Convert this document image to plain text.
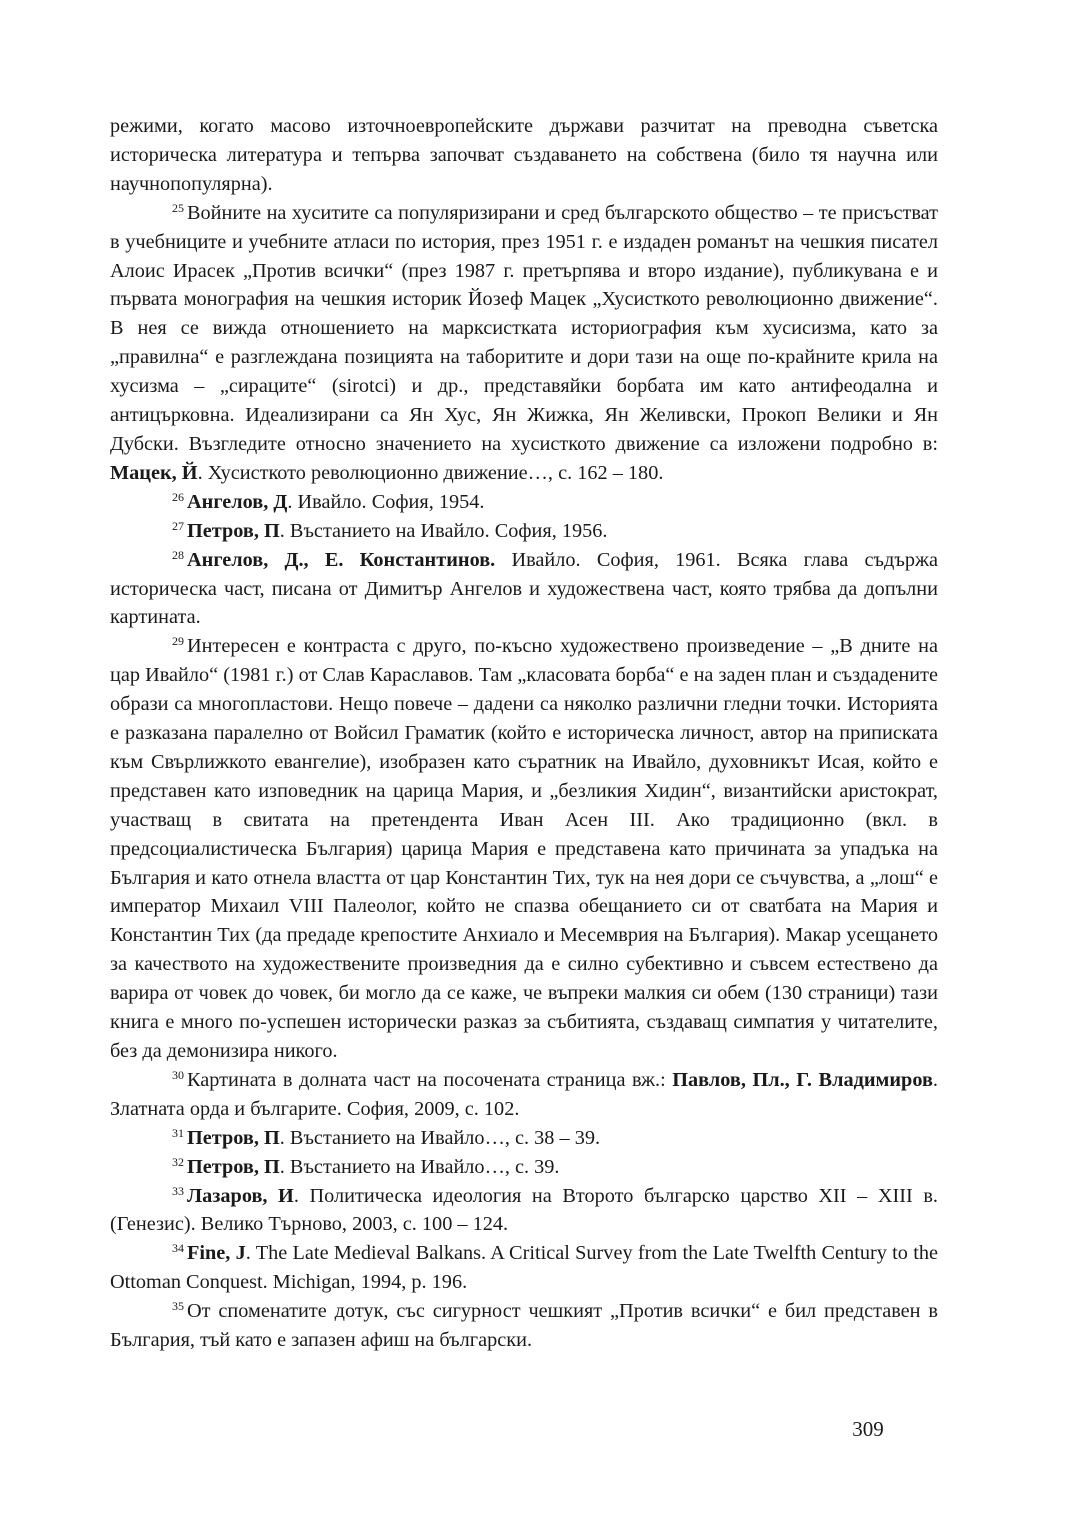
режими, когато масово източноевропейските държави разчитат на преводна съветска историческа литература и тепърва започват създаването на собствена (било тя научна или научнопопулярна).

$^{25}$ Войните на хуситите са популяризирани и сред българското общество – те присъстват в учебниците и учебните атласи по история, през 1951 г. е издаден романът на чешкия писател Алоис Ирасек „Против всички“ (през 1987 г. претърпява и второ издание), публикувана е и първата монография на чешкия историк Йозеф Мацек „Хусисткото революционно движение“. В нея се вижда отношението на марксистката историография към хусисизма, като за „правилна“ е разглеждана позицията на таборитите и дори тази на още по-крайните крила на хусизма – „сираците“ (sirotci) и др., представяйки борбата им като антифеодална и антицърковна. Идеализирани са Ян Хус, Ян Жижка, Ян Желивски, Прокоп Велики и Ян Дубски. Възгледите относно значението на хусисткото движение са изложени подробно в: Мацек, Й. Хусисткото революционно движение…, с. 162 – 180.

$^{26}$ Ангелов, Д. Ивайло. София, 1954.

$^{27}$ Петров, П. Въстанието на Ивайло. София, 1956.

$^{28}$ Ангелов, Д., Е. Константинов. Ивайло. София, 1961. Всяка глава съдържа историческа част, писана от Димитър Ангелов и художествена част, която трябва да допълни картината.

$^{29}$ Интересен е контраста с друго, по-късно художествено произведение – „В дните на цар Ивайло“ (1981 г.) от Слав Караславов. Там „класовата борба“ е на заден план и създадените образи са многопластови. Нещо повече – дадени са няколко различни гледни точки. Историята е разказана паралелно от Войсил Граматик (който е историческа личност, автор на приписката към Свърлижкото евангелие), изобразен като съратник на Ивайло, духовникът Исая, който е представен като изповедник на царица Мария, и „безликия Хидин“, византийски аристократ, участващ в свитата на претендента Иван Асен III. Ако традиционно (вкл. в предсоциалистическа България) царица Мария е представена като причината за упадъка на България и като отнела властта от цар Константин Тих, тук на нея дори се съчувства, а „лош“ е император Михаил VIII Палеолог, който не спазва обещанието си от сватбата на Мария и Константин Тих (да предаде крепостите Анхиало и Месемврия на България). Макар усещането за качеството на художествените произведния да е силно субективно и съвсем естествено да варира от човек до човек, би могло да се каже, че въпреки малкия си обем (130 страници) тази книга е много по-успешен исторически разказ за събитията, създаващ симпатия у читателите, без да демонизира никого.

$^{30}$ Картината в долната част на посочената страница вж.: Павлов, Пл., Г. Владимиров. Златната орда и българите. София, 2009, с. 102.

$^{31}$ Петров, П. Въстанието на Ивайло…, с. 38 – 39.

$^{32}$ Петров, П. Въстанието на Ивайло…, с. 39.

$^{33}$ Лазаров, И. Политическа идеология на Второто българско царство XII – XIII в. (Генезис). Велико Търново, 2003, с. 100 – 124.

$^{34}$ Fine, J. The Late Medieval Balkans. A Critical Survey from the Late Twelfth Century to the Ottoman Conquest. Michigan, 1994, p. 196.

$^{35}$ От споменатите дотук, със сигурност чешкият „Против всички“ е бил представен в България, тъй като е запазен афиш на български.

309
